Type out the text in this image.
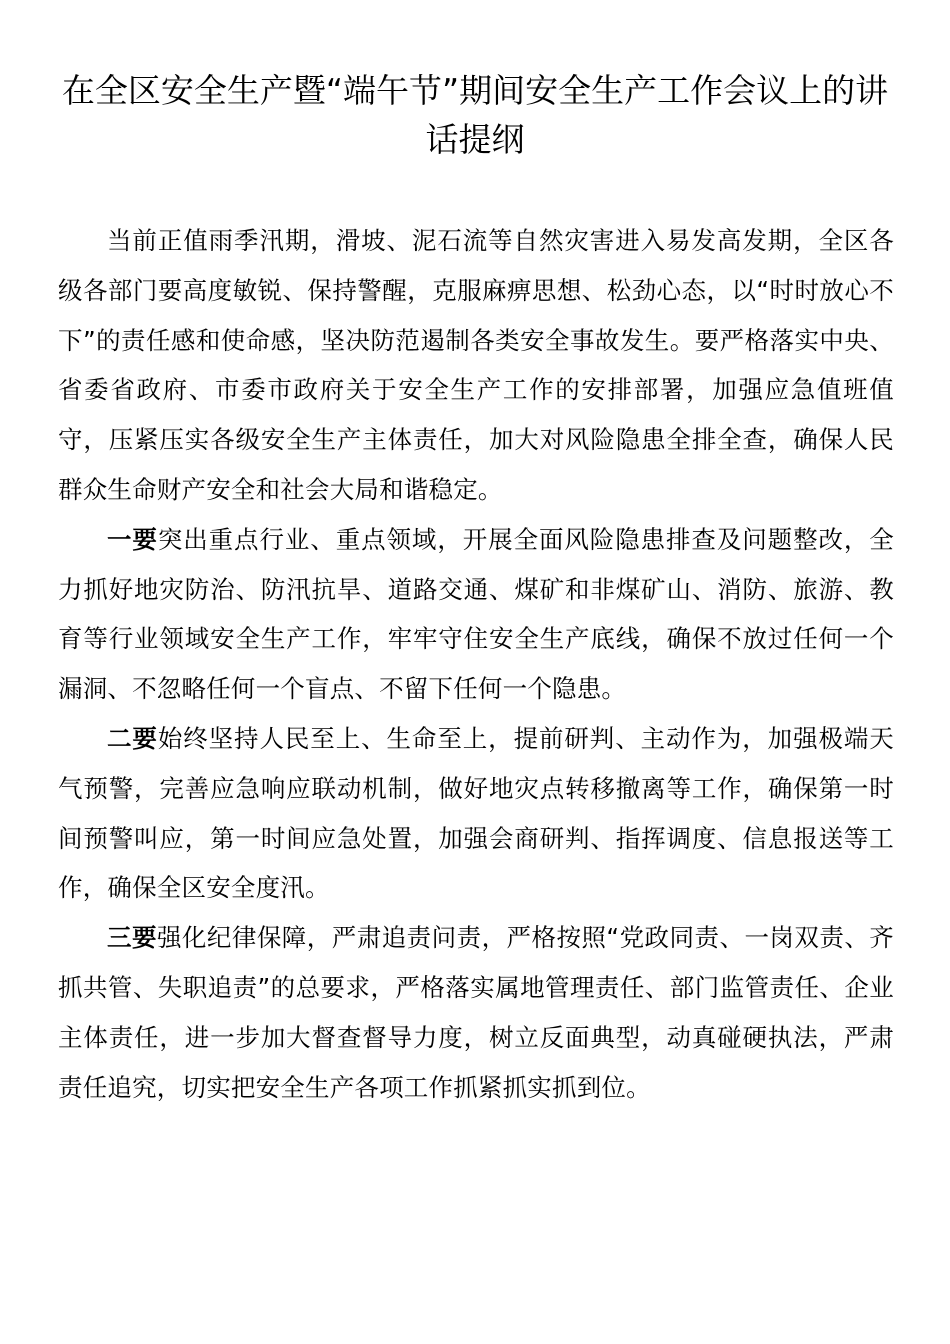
在全区安全生产暨“端午节”期间安全生产工作会议上的讲话提纲

当前正值雨季汛期，滑坡、泥石流等自然灾害进入易发高发期，全区各级各部门要高度敏锐、保持警醒，克服麻痹思想、松劲心态，以“时时放心不下”的责任感和使命感，坚决防范遏制各类安全事故发生。要严格落实中央、省委省政府、市委市政府关于安全生产工作的安排部署，加强应急值班值守，压紧压实各级安全生产主体责任，加大对风险隐患全排全查，确保人民群众生命财产安全和社会大局和谐稳定。

一要突出重点行业、重点领域，开展全面风险隐患排查及问题整改，全力抓好地灾防治、防汛抗旱、道路交通、煤矿和非煤矿山、消防、旅游、教育等行业领域安全生产工作，牢牢守住安全生产底线，确保不放过任何一个漏洞、不忽略任何一个盲点、不留下任何一个隐患。

二要始终坚持人民至上、生命至上，提前研判、主动作为，加强极端天气预警，完善应急响应联动机制，做好地灾点转移撤离等工作，确保第一时间预警叫应，第一时间应急处置，加强会商研判、指挥调度、信息报送等工作，确保全区安全度汛。

三要强化纪律保障，严肃追责问责，严格按照“党政同责、一岗双责、齐抓共管、失职追责”的总要求，严格落实属地管理责任、部门监管责任、企业主体责任，进一步加大督查督导力度，树立反面典型，动真碰硬执法，严肃责任追究，切实把安全生产各项工作抓紧抓实抓到位。
